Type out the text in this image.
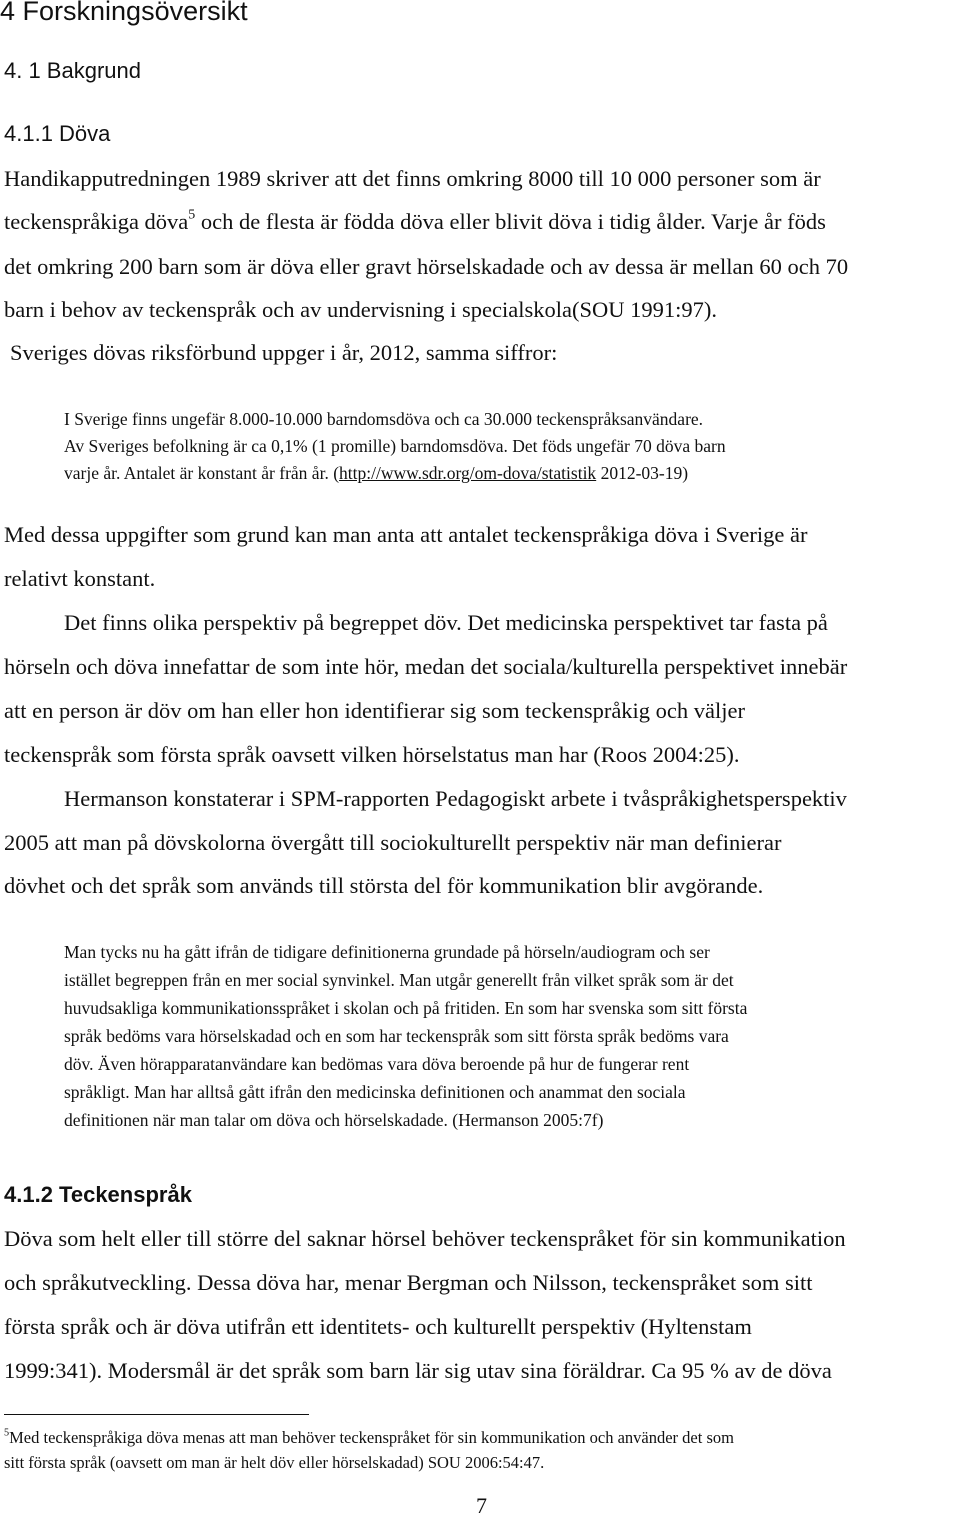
4 Forskningsöversikt
4. 1 Bakgrund
4.1.1 Döva
Handikapputredningen 1989 skriver att det finns omkring 8000 till 10 000 personer som är
teckenspråkiga döva$^5$ och de flesta är födda döva eller blivit döva i tidig ålder. Varje år föds
det omkring 200 barn som är döva eller gravt hörselskadade och av dessa är mellan 60 och 70
barn i behov av teckenspråk och av undervisning i specialskola(SOU 1991:97).
Sveriges dövas riksförbund uppger i år, 2012, samma siffror:
I Sverige finns ungefär 8.000-10.000 barndomsdöva och ca 30.000 teckenspråksanvändare.
Av Sveriges befolkning är ca 0,1% (1 promille) barndomsdöva. Det föds ungefär 70 döva barn
varje år. Antalet är konstant år från år. (http://www.sdr.org/om-dova/statistik 2012-03-19)
Med dessa uppgifter som grund kan man anta att antalet teckenspråkiga döva i Sverige är
relativt konstant.
Det finns olika perspektiv på begreppet döv. Det medicinska perspektivet tar fasta på
hörseln och döva innefattar de som inte hör, medan det sociala/kulturella perspektivet innebär
att en person är döv om han eller hon identifierar sig som teckenspråkig och väljer
teckenspråk som första språk oavsett vilken hörselstatus man har (Roos 2004:25).
Hermanson konstaterar i SPM-rapporten Pedagogiskt arbete i tvåspråkighetsperspektiv
2005 att man på dövskolorna övergått till sociokulturellt perspektiv när man definierar
dövhet och det språk som används till största del för kommunikation blir avgörande.
Man tycks nu ha gått ifrån de tidigare definitionerna grundade på hörseln/audiogram och ser
istället begreppen från en mer social synvinkel. Man utgår generellt från vilket språk som är det
huvudsakliga kommunikationsspråket i skolan och på fritiden. En som har svenska som sitt första
språk bedöms vara hörselskadad och en som har teckenspråk som sitt första språk bedöms vara
döv. Även hörapparatanvändare kan bedömas vara döva beroende på hur de fungerar rent
språkligt. Man har alltså gått ifrån den medicinska definitionen och anammat den sociala
definitionen när man talar om döva och hörselskadade. (Hermanson 2005:7f)
4.1.2 Teckenspråk
Döva som helt eller till större del saknar hörsel behöver teckenspråket för sin kommunikation
och språkutveckling. Dessa döva har, menar Bergman och Nilsson, teckenspråket som sitt
första språk och är döva utifrån ett identitets- och kulturellt perspektiv (Hyltenstam
1999:341). Modersmål är det språk som barn lär sig utav sina föräldrar. Ca 95 % av de döva
$^5$Med teckenspråkiga döva menas att man behöver teckenspråket för sin kommunikation och använder det som
sitt första språk (oavsett om man är helt döv eller hörselskadad) SOU 2006:54:47.
7
